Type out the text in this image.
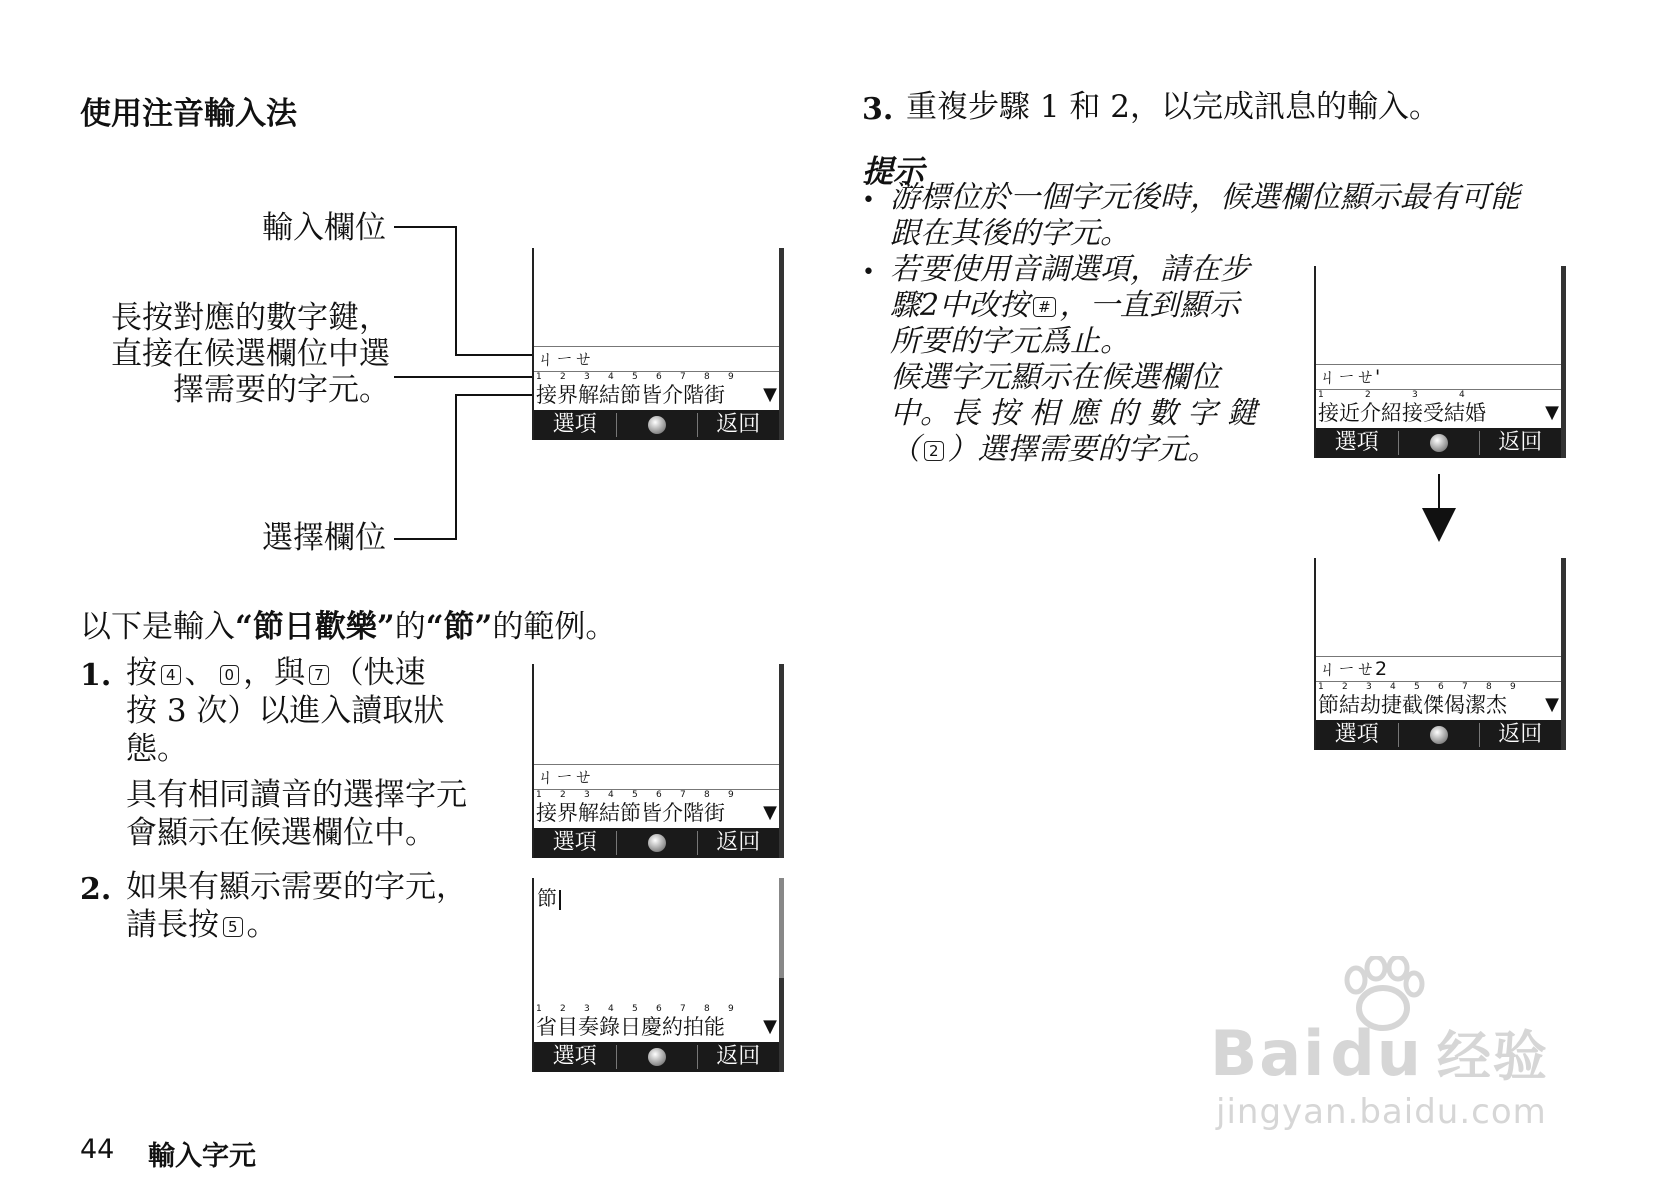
使用注音輸入法
輸入欄位
長按對應的數字鍵，
直接在候選欄位中選
擇需要的字元。
選擇欄位
ㄐㄧㄝ
1	2	3	4	5	6	7	8	9
接界解結節皆介階街 ▼
選項	返回
以下是輸入“節日歡樂”的“節”的範例。
1. 按 4 、 0 ，與 7 （快速
按 3 次）以進入讀取狀
態。
具有相同讀音的選擇字元
會顯示在候選欄位中。
ㄐㄧㄝ
1	2	3	4	5	6	7	8	9
接界解結節皆介階街 ▼
選項	返回
2. 如果有顯示需要的字元，
請長按 5 。
節
1	2	3	4	5	6	7	8	9
省目奏錄日慶約拍能 ▼
選項	返回
44 輸入字元
3. 重複步驟 1 和 2，以完成訊息的輸入。
提示
• 游標位於一個字元後時，候選欄位顯示最有可能
跟在其後的字元。
• 若要使用音調選項，請在步
驟2中改按 # ，一直到顯示
所要的字元爲止。
候選字元顯示在候選欄位
中。長 按 相 應 的 數 字 鍵
（ 2 ）選擇需要的字元。
ㄐㄧㄝ'
1	2	3	4
接近介紹接受結婚	▼
選項	返回
ㄐㄧㄝ2
1	2	3	4	5	6	7	8	9
節結劫捷截傑偈潔杰 ▼
選項	返回
Baidu 经验
jingyan.baidu.com
